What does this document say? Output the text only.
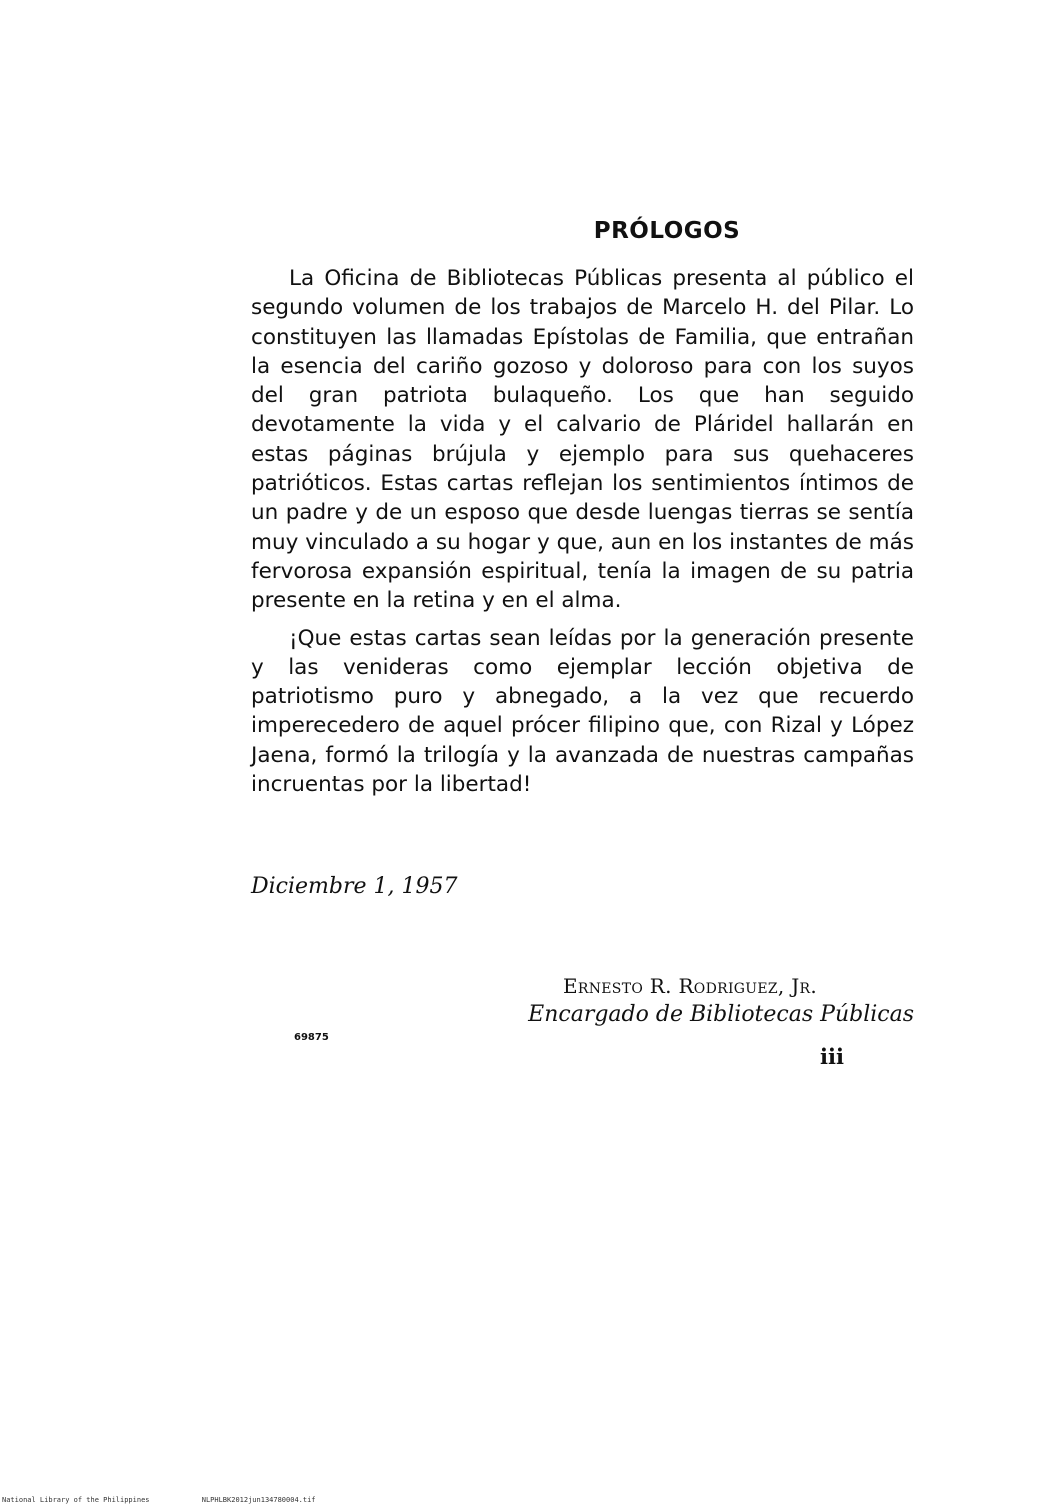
PRÓLOGOS

La Oficina de Bibliotecas Públicas presenta al público el segundo volumen de los trabajos de Marcelo H. del Pilar. Lo constituyen las llamadas Epístolas de Familia, que entrañan la esencia del cariño gozoso y doloroso para con los suyos del gran patriota bulaqueño. Los que han seguido devotamente la vida y el calvario de Pláridel hallarán en estas páginas brújula y ejemplo para sus quehaceres patrióticos. Estas cartas reflejan los sentimientos íntimos de un padre y de un esposo que desde luengas tierras se sentía muy vinculado a su hogar y que, aun en los instantes de más fervorosa expansión espiritual, tenía la imagen de su patria presente en la retina y en el alma.

¡Que estas cartas sean leídas por la generación presente y las venideras como ejemplar lección objetiva de patriotismo puro y abnegado, a la vez que recuerdo imperecedero de aquel prócer filipino que, con Rizal y López Jaena, formó la trilogía y la avanzada de nuestras campañas incruentas por la libertad!

Diciembre 1, 1957
Ernesto R. Rodriguez, Jr.
Encargado de Bibliotecas Públicas
69875
iii
National Library of the Philippines	NLPHLBK2012jun134780004.tif
